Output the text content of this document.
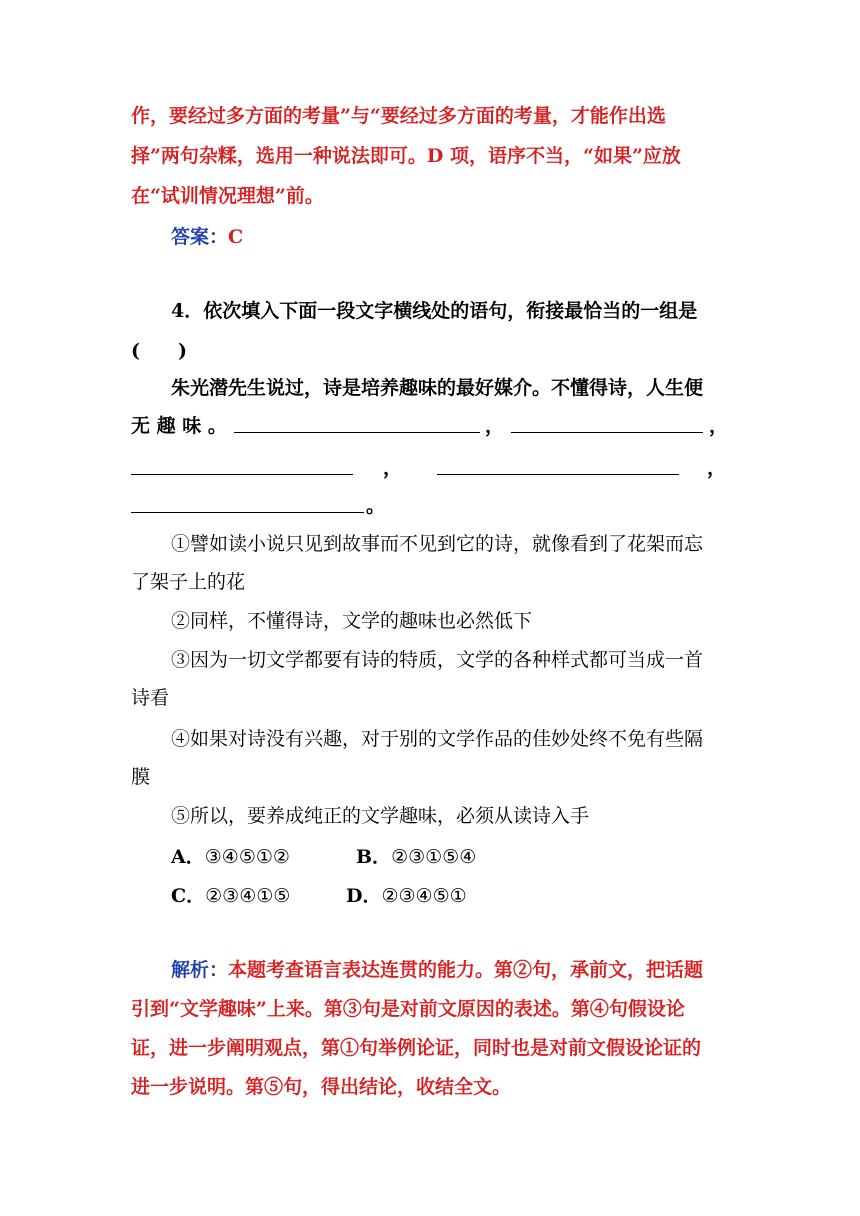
作，要经过多方面的考量”与“要经过多方面的考量，才能作出选
择”两句杂糅，选用一种说法即可。D 项，语序不当，“如果”应放
在“试训情况理想”前。
答案：C
4．依次填入下面一段文字横线处的语句，衔接最恰当的一组是
(　　)
朱光潜先生说过，诗是培养趣味的最好媒介。不懂得诗，人生便
无 趣 味 。	，	，
，	，
。
①譬如读小说只见到故事而不见到它的诗，就像看到了花架而忘
了架子上的花
②同样，不懂得诗，文学的趣味也必然低下
③因为一切文学都要有诗的特质，文学的各种样式都可当成一首
诗看
④如果对诗没有兴趣，对于别的文学作品的佳妙处终不免有些隔
膜
⑤所以，要养成纯正的文学趣味，必须从读诗入手
A．③④⑤①②	B．②③①⑤④
C．②③④①⑤	D．②③④⑤①
解析：本题考查语言表达连贯的能力。第②句，承前文，把话题
引到“文学趣味”上来。第③句是对前文原因的表述。第④句假设论
证，进一步阐明观点，第①句举例论证，同时也是对前文假设论证的
进一步说明。第⑤句，得出结论，收结全文。
